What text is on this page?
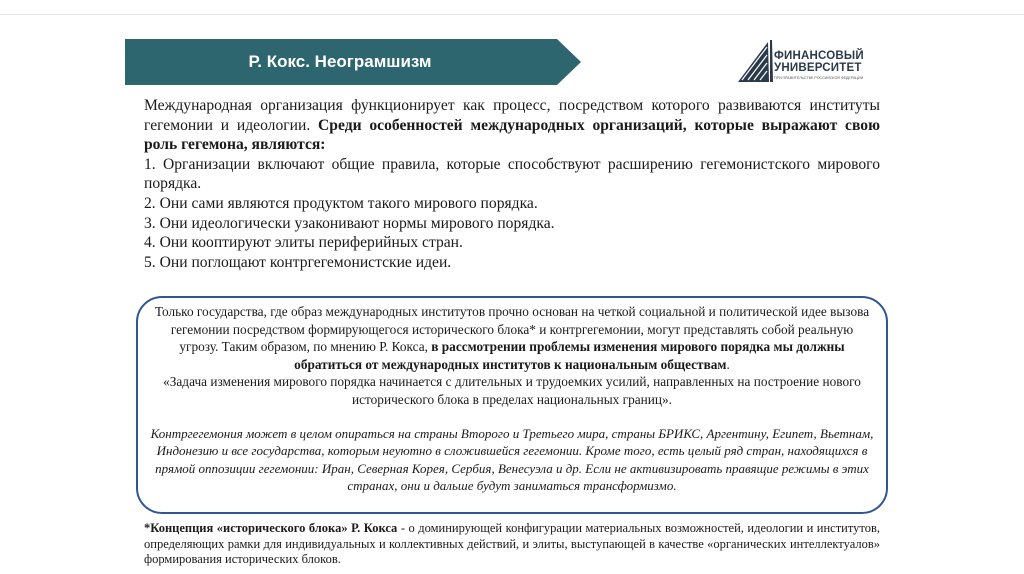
Р. Кокс. Неограмшизм	ФИНАНСОВЫЙ
УНИВЕРСИТЕТ
ПРИ ПРАВИТЕЛЬСТВЕ РОССИЙСКОЙ ФЕДЕРАЦИИ

Международная организация функционирует как процесс, посредством которого развиваются институты гегемонии и идеологии. Среди особенностей международных организаций, которые выражают свою роль гегемона, являются:

1. Организации включают общие правила, которые способствуют расширению гегемонистского мирового порядка.

2. Они сами являются продуктом такого мирового порядка.

3. Они идеологически узаконивают нормы мирового порядка.

4. Они кооптируют элиты периферийных стран.

5. Они поглощают контргегемонистские идеи.

Только государства, где образ международных институтов прочно основан на четкой социальной и политической идее вызова гегемонии посредством формирующегося исторического блока* и контргегемонии, могут представлять собой реальную угрозу. Таким образом, по мнению Р. Кокса, в рассмотрении проблемы изменения мирового порядка мы должны обратиться от международных институтов к национальным обществам.

«Задача изменения мирового порядка начинается с длительных и трудоемких усилий, направленных на построение нового исторического блока в пределах национальных границ».

Контргегемония может в целом опираться на страны Второго и Третьего мира, страны БРИКС, Аргентину, Египет, Вьетнам, Индонезию и все государства, которым неуютно в сложившейся гегемонии. Кроме того, есть целый ряд стран, находящихся в прямой оппозиции гегемонии: Иран, Северная Корея, Сербия, Венесуэла и др. Если не активизировать правящие режимы в этих странах, они и дальше будут заниматься трансформизмо.

*Концепция «исторического блока» Р. Кокса - о доминирующей конфигурации материальных возможностей, идеологии и институтов, определяющих рамки для индивидуальных и коллективных действий, и элиты, выступающей в качестве «органических интеллектуалов» формирования исторических блоков.
